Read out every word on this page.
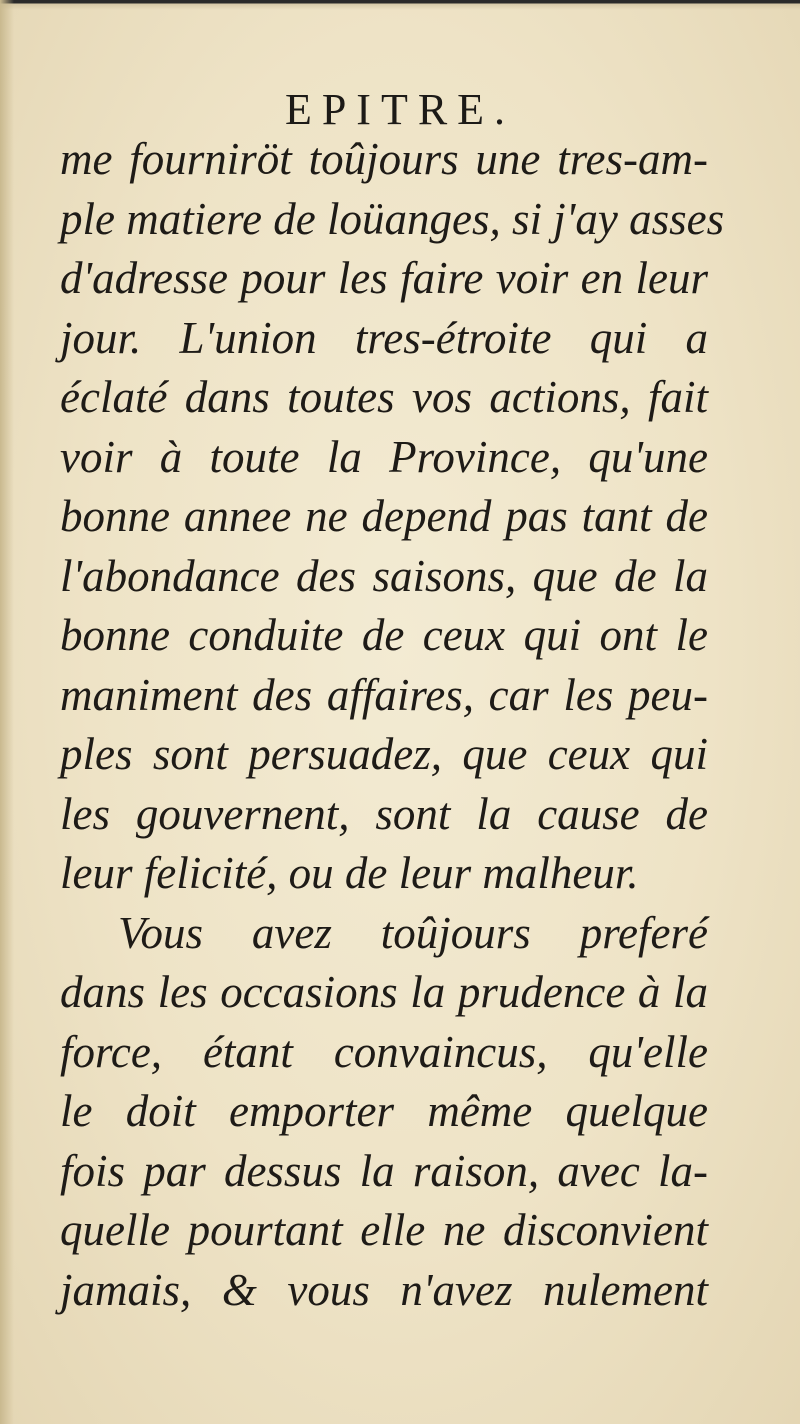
EPITRE.
me fourniröt toûjours une tres-am-
ple matiere de loüanges, si j'ay asses
d'adresse pour les faire voir en leur
jour. L'union tres-étroite qui a
éclaté dans toutes vos actions, fait
voir à toute la Province, qu'une
bonne annee ne depend pas tant de
l'abondance des saisons, que de la
bonne conduite de ceux qui ont le
maniment des affaires, car les peu-
ples sont persuadez, que ceux qui
les gouvernent, sont la cause de
leur felicité, ou de leur malheur.
Vous avez toûjours preferé
dans les occasions la prudence à la
force, étant convaincus, qu'elle
le doit emporter même quelque
fois par dessus la raison, avec la-
quelle pourtant elle ne disconvient
jamais, & vous n'avez nulement
